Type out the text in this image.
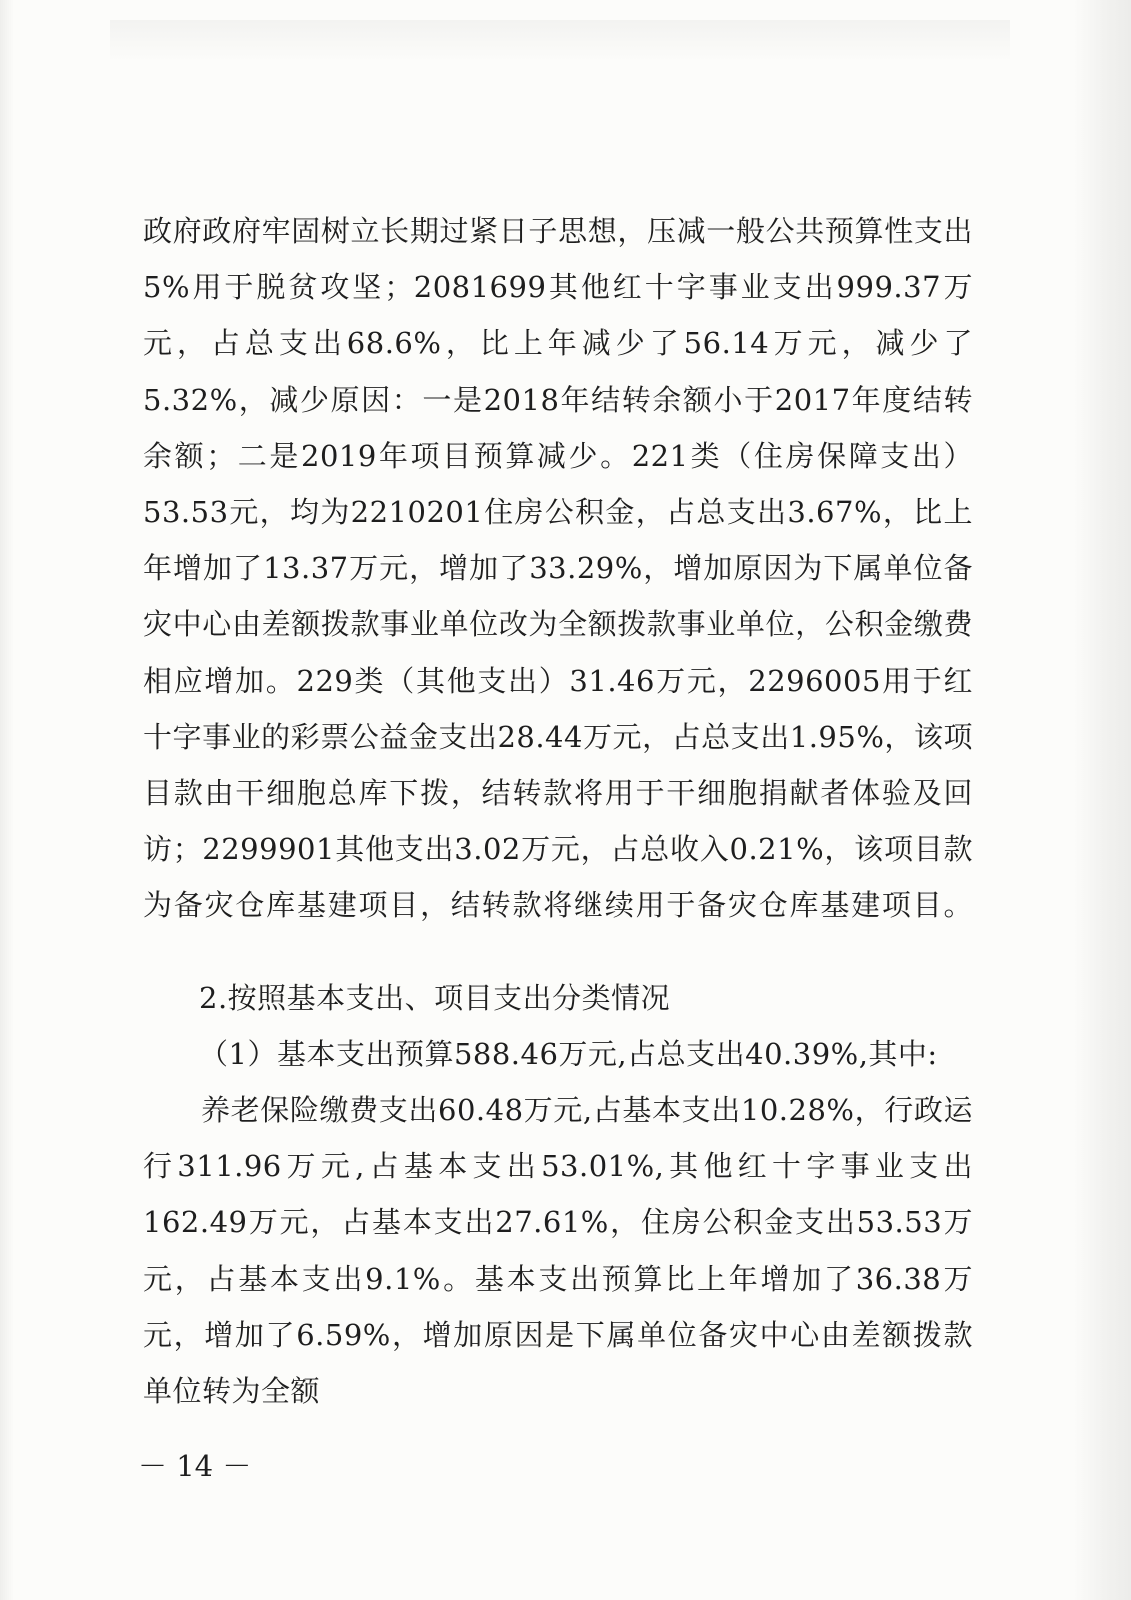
政府政府牢固树立长期过紧日子思想，压减一般公共预算性支出5%用于脱贫攻坚；2081699其他红十字事业支出999.37万元，占总支出68.6%，比上年减少了56.14万元，减少了5.32%，减少原因：一是2018年结转余额小于2017年度结转余额；二是2019年项目预算减少。221类（住房保障支出）53.53元，均为2210201住房公积金，占总支出3.67%，比上年增加了13.37万元，增加了33.29%，增加原因为下属单位备灾中心由差额拨款事业单位改为全额拨款事业单位，公积金缴费相应增加。229类（其他支出）31.46万元，2296005用于红十字事业的彩票公益金支出28.44万元，占总支出1.95%，该项目款由干细胞总库下拨，结转款将用于干细胞捐献者体验及回访；2299901其他支出3.02万元，占总收入0.21%，该项目款为备灾仓库基建项目，结转款将继续用于备灾仓库基建项目。

2.按照基本支出、项目支出分类情况

（1）基本支出预算588.46万元,占总支出40.39%,其中:

养老保险缴费支出60.48万元,占基本支出10.28%，行政运行311.96万元,占基本支出53.01%,其他红十字事业支出162.49万元，占基本支出27.61%，住房公积金支出53.53万元，占基本支出9.1%。基本支出预算比上年增加了36.38万元，增加了6.59%，增加原因是下属单位备灾中心由差额拨款单位转为全额

－ 14 －
